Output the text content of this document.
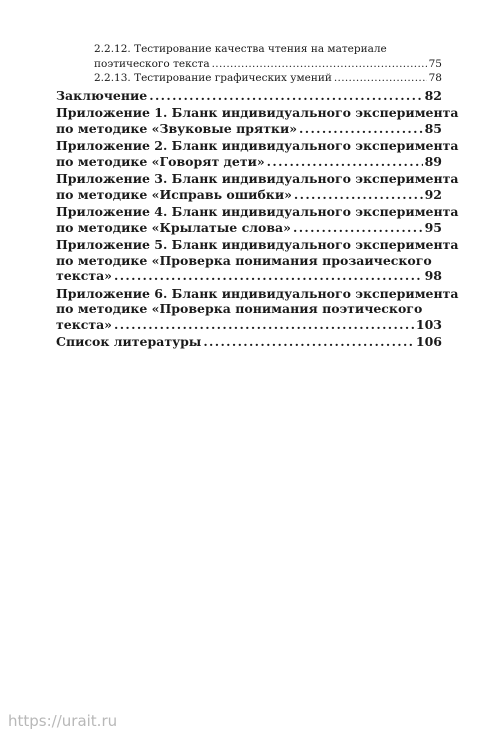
2.2.12. Тестирование качества чтения на материале
поэтического текста . . .	75
2.2.13. Тестирование графических умений . . .	78
Заключение . . .	82
Приложение 1. Бланк индивидуального эксперимента
по методике «Звуковые прятки» . . .	85
Приложение 2. Бланк индивидуального эксперимента
по методике «Говорят дети» . . .	89
Приложение 3. Бланк индивидуального эксперимента
по методике «Исправь ошибки» . . .	92
Приложение 4. Бланк индивидуального эксперимента
по методике «Крылатые слова» . . .	95
Приложение 5. Бланк индивидуального эксперимента
по методике «Проверка понимания прозаического
текста» . . .	98
Приложение 6. Бланк индивидуального эксперимента
по методике «Проверка понимания поэтического
текста» . . .	103
Список литературы . . .	106
https://urait.ru
